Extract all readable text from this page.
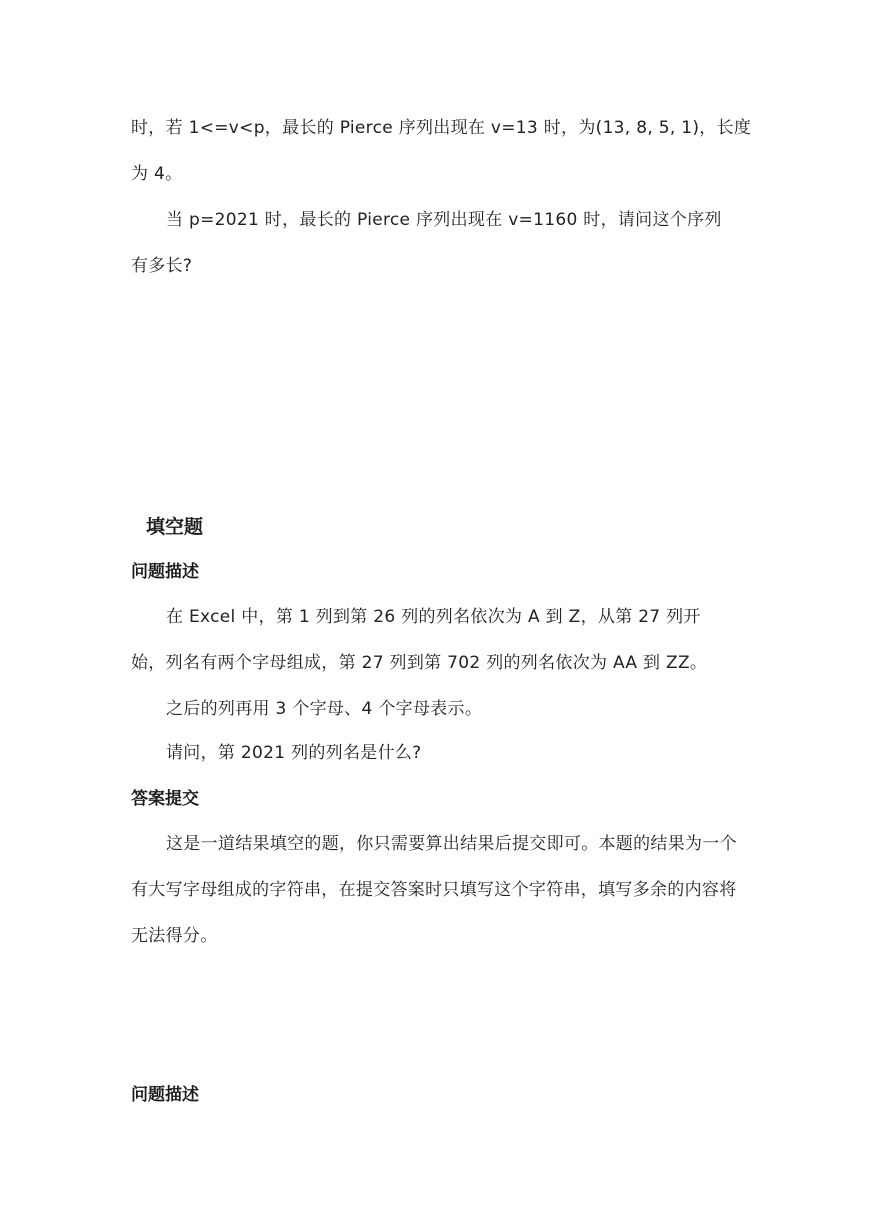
时，若 1<=v<p，最长的 Pierce 序列出现在 v=13 时，为(13, 8, 5, 1)，长度
为 4。
当 p=2021 时，最长的 Pierce 序列出现在 v=1160 时，请问这个序列
有多长?
填空题
问题描述
在 Excel 中，第 1 列到第 26 列的列名依次为 A 到 Z，从第 27 列开
始，列名有两个字母组成，第 27 列到第 702 列的列名依次为 AA 到 ZZ。
之后的列再用 3 个字母、4 个字母表示。
请问，第 2021 列的列名是什么?
答案提交
这是一道结果填空的题，你只需要算出结果后提交即可。本题的结果为一个
有大写字母组成的字符串，在提交答案时只填写这个字符串，填写多余的内容将
无法得分。
问题描述
